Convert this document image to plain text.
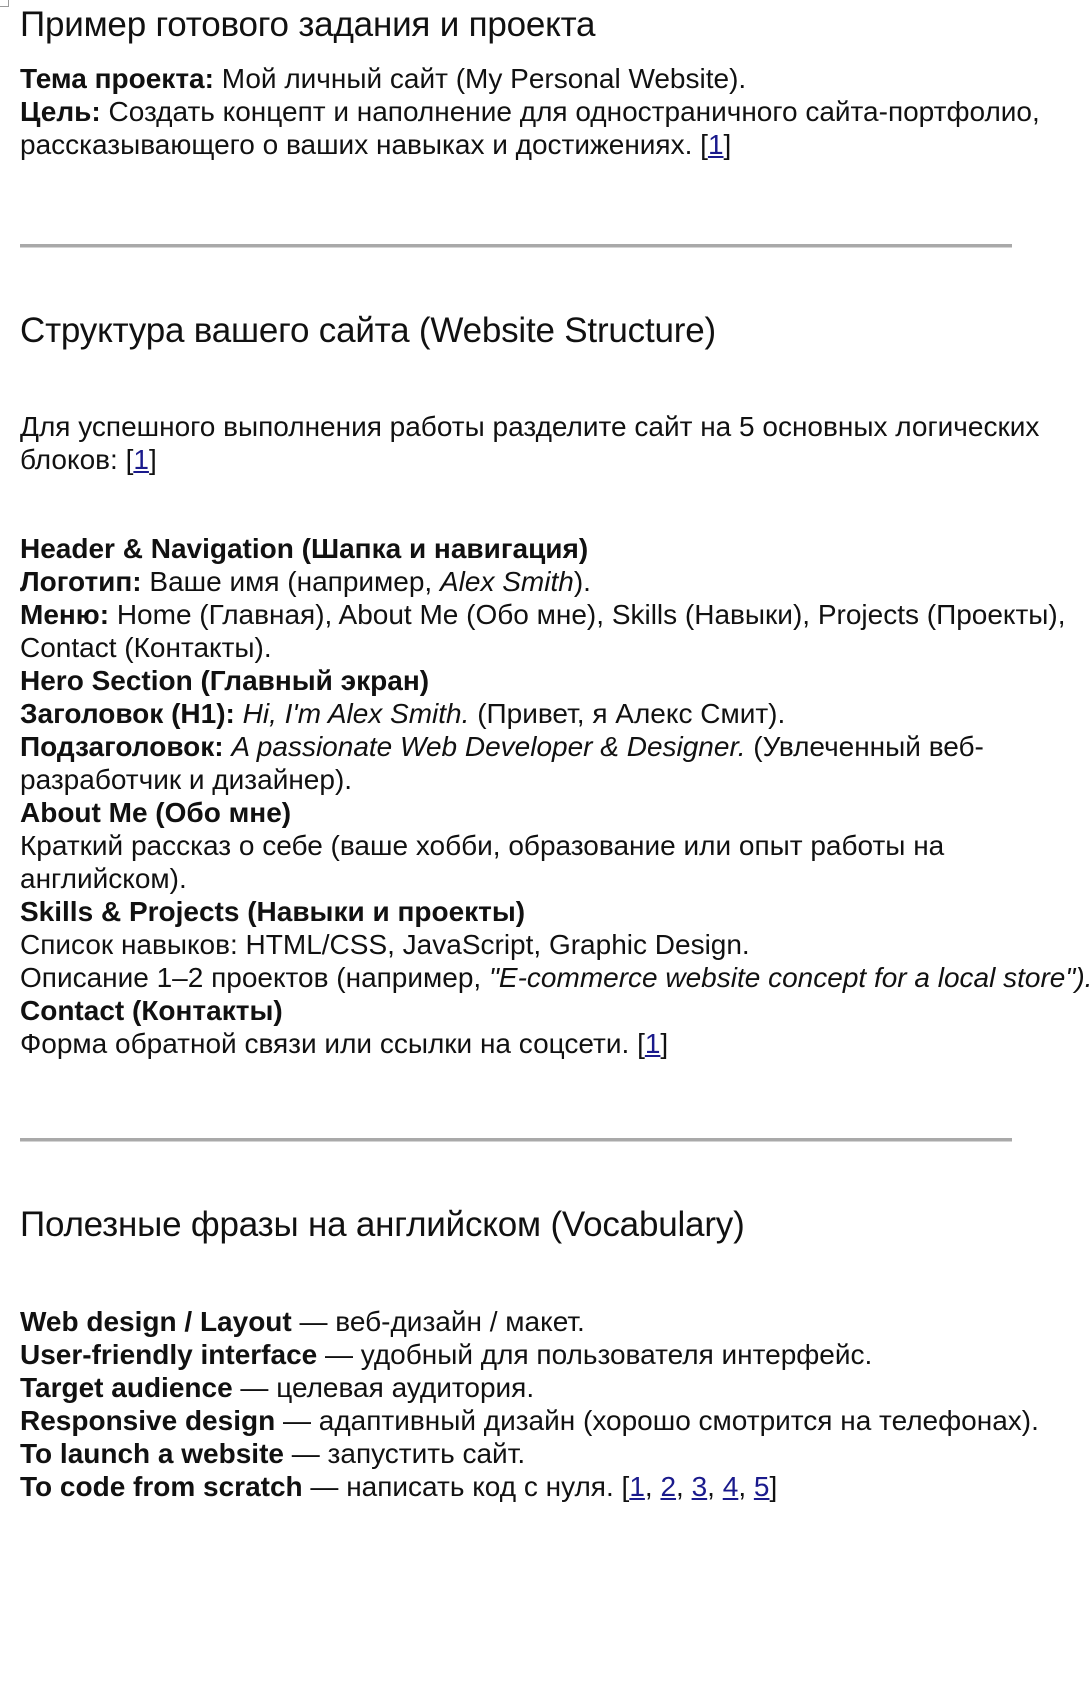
Пример готового задания и проекта
Тема проекта: Мой личный сайт (My Personal Website).
Цель: Создать концепт и наполнение для одностраничного сайта-портфолио,
рассказывающего о ваших навыках и достижениях. [1]
Структура вашего сайта (Website Structure)
Для успешного выполнения работы разделите сайт на 5 основных логических
блоков: [1]
Header & Navigation (Шапка и навигация)
Логотип: Ваше имя (например, Alex Smith).
Меню: Home (Главная), About Me (Обо мне), Skills (Навыки), Projects (Проекты),
Contact (Контакты).
Hero Section (Главный экран)
Заголовок (H1): Hi, I'm Alex Smith. (Привет, я Алекс Смит).
Подзаголовок: A passionate Web Developer & Designer. (Увлеченный веб-
разработчик и дизайнер).
About Me (Обо мне)
Краткий рассказ о себе (ваше хобби, образование или опыт работы на
английском).
Skills & Projects (Навыки и проекты)
Список навыков: HTML/CSS, JavaScript, Graphic Design.
Описание 1–2 проектов (например, "E-commerce website concept for a local store").
Contact (Контакты)
Форма обратной связи или ссылки на соцсети. [1]
Полезные фразы на английском (Vocabulary)
Web design / Layout — веб-дизайн / макет.
User-friendly interface — удобный для пользователя интерфейс.
Target audience — целевая аудитория.
Responsive design — адаптивный дизайн (хорошо смотрится на телефонах).
To launch a website — запустить сайт.
To code from scratch — написать код с нуля. [1, 2, 3, 4, 5]
